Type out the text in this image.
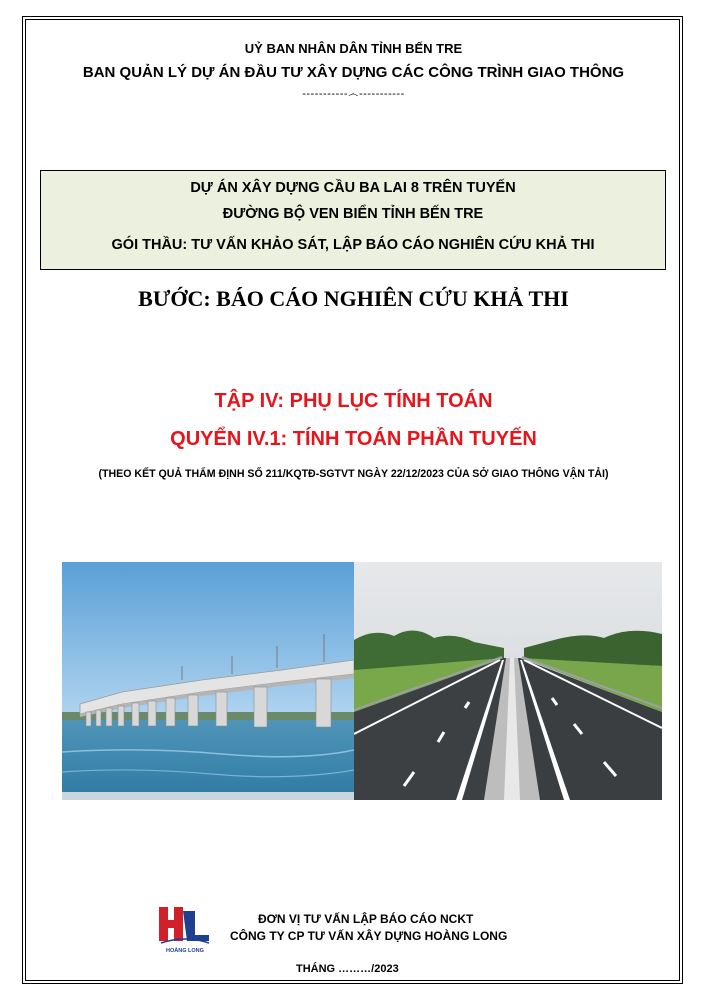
UỶ BAN NHÂN DÂN TỈNH BẾN TRE
BAN QUẢN LÝ DỰ ÁN ĐẦU TƯ XÂY DỰNG CÁC CÔNG TRÌNH GIAO THÔNG
-----------෴-----------
DỰ ÁN XÂY DỰNG CẦU BA LAI 8 TRÊN TUYẾN
ĐƯỜNG BỘ VEN BIỂN TỈNH BẾN TRE
GÓI THẦU: TƯ VẤN KHẢO SÁT, LẬP BÁO CÁO NGHIÊN CỨU KHẢ THI
BƯỚC: BÁO CÁO NGHIÊN CỨU KHẢ THI
TẬP IV: PHỤ LỤC TÍNH TOÁN
QUYỂN IV.1: TÍNH TOÁN PHẦN TUYẾN
(THEO KẾT QUẢ THẨM ĐỊNH SỐ 211/KQTĐ-SGTVT NGÀY 22/12/2023 CỦA SỞ GIAO THÔNG VẬN TẢI)
HOÀNG LONG
ĐƠN VỊ TƯ VẤN LẬP BÁO CÁO NCKT
CÔNG TY CP TƯ VẤN XÂY DỰNG HOÀNG LONG
THÁNG ………/2023
